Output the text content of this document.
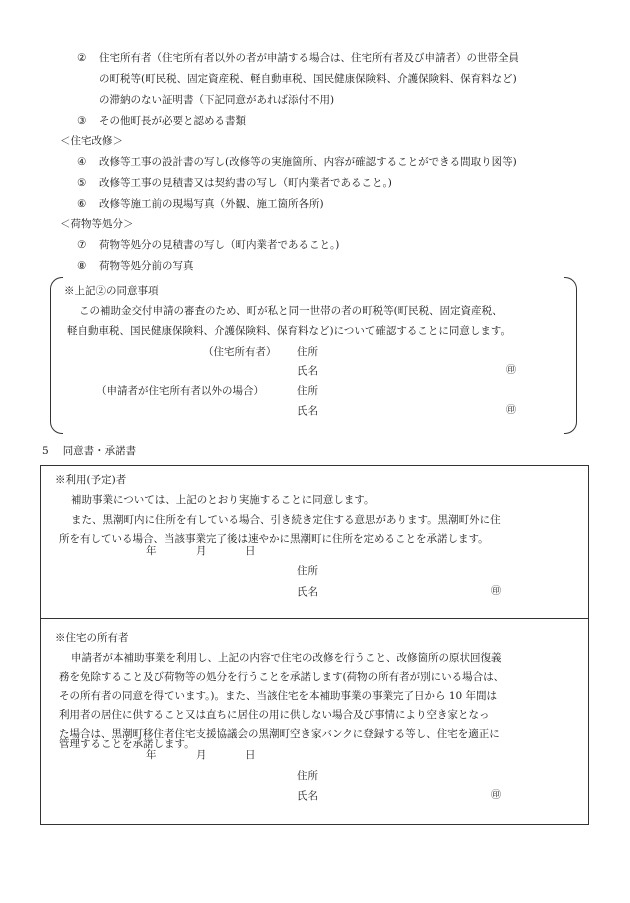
② 住宅所有者（住宅所有者以外の者が申請する場合は、住宅所有者及び申請者）の世帯全員
の町税等(町民税、固定資産税、軽自動車税、国民健康保険料、介護保険料、保育料など)
の滞納のない証明書（下記同意があれば添付不用)
③ その他町長が必要と認める書類
＜住宅改修＞
④ 改修等工事の設計書の写し(改修等の実施箇所、内容が確認することができる間取り図等)
⑤ 改修等工事の見積書又は契約書の写し（町内業者であること。)
⑥ 改修等施工前の現場写真（外観、施工箇所各所)
＜荷物等処分＞
⑦ 荷物等処分の見積書の写し（町内業者であること。)
⑧ 荷物等処分前の写真
※上記②の同意事項
この補助金交付申請の審査のため、町が私と同一世帯の者の町税等(町民税、固定資産税、
軽自動車税、国民健康保険料、介護保険料、保育料など)について確認することに同意します。
（住宅所有者） 住所
氏名	㊞
（申請者が住宅所有者以外の場合）	住所
氏名	㊞
5 同意書・承諾書
※利用(予定)者
補助事業については、上記のとおり実施することに同意します。
また、黒潮町内に住所を有している場合、引き続き定住する意思があります。黒潮町外に住
所を有している場合、当該事業完了後は速やかに黒潮町に住所を定めることを承諾します。
年	月	日
住所
氏名	㊞
※住宅の所有者
申請者が本補助事業を利用し、上記の内容で住宅の改修を行うこと、改修箇所の原状回復義
務を免除すること及び荷物等の処分を行うことを承諾します(荷物の所有者が別にいる場合は、
その所有者の同意を得ています。)。また、当該住宅を本補助事業の事業完了日から 10 年間は
利用者の居住に供すること又は直ちに居住の用に供しない場合及び事情により空き家となっ
た場合は、黒潮町移住者住宅支援協議会の黒潮町空き家バンクに登録する等し、住宅を適正に
管理することを承諾します。
年	月	日
住所
氏名	㊞
